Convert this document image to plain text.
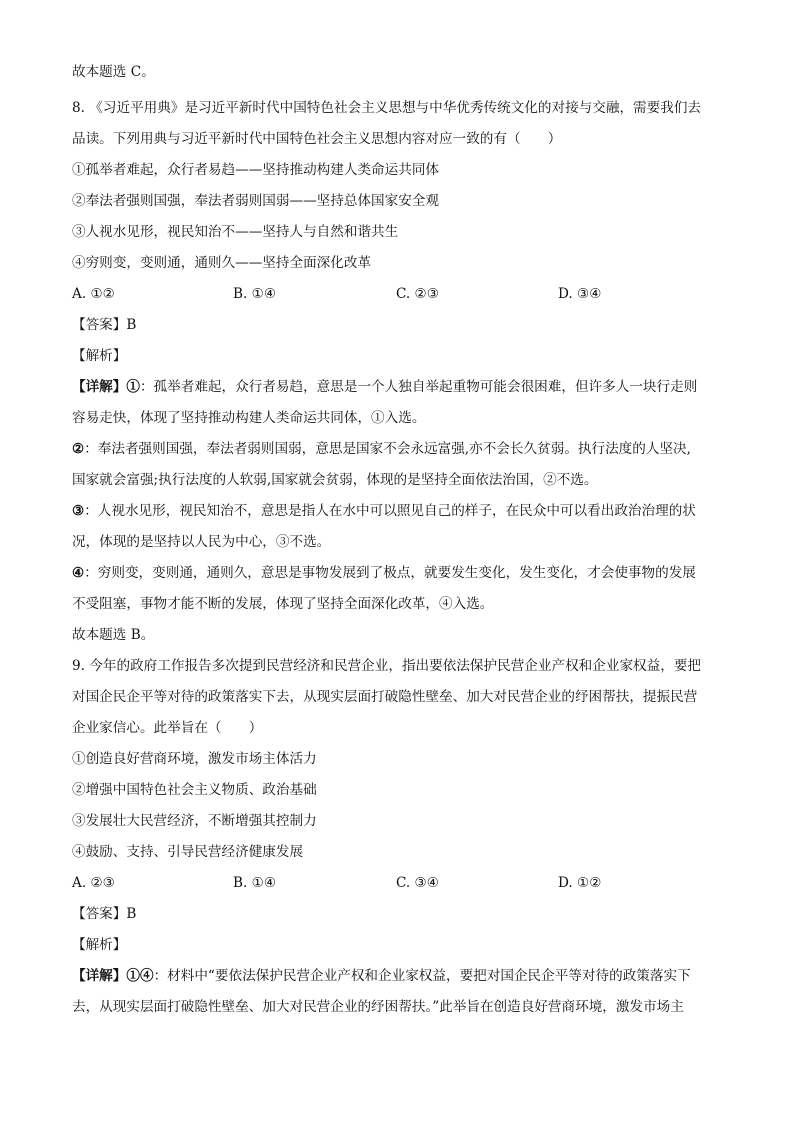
故本题选 C。
8. 《习近平用典》是习近平新时代中国特色社会主义思想与中华优秀传统文化的对接与交融，需要我们去
品读。下列用典与习近平新时代中国特色社会主义思想内容对应一致的有（　　）
①孤举者难起，众行者易趋——坚持推动构建人类命运共同体
②奉法者强则国强，奉法者弱则国弱——坚持总体国家安全观
③人视水见形，视民知治不——坚持人与自然和谐共生
④穷则变，变则通，通则久——坚持全面深化改革
A. ①②	B. ①④	C. ②③	D. ③④
【答案】B
【解析】
【详解】①：孤举者难起，众行者易趋，意思是一个人独自举起重物可能会很困难，但许多人一块行走则
容易走快，体现了坚持推动构建人类命运共同体，①入选。
②：奉法者强则国强，奉法者弱则国弱，意思是国家不会永远富强,亦不会长久贫弱。执行法度的人坚决,
国家就会富强;执行法度的人软弱,国家就会贫弱，体现的是坚持全面依法治国，②不选。
③：人视水见形，视民知治不，意思是指人在水中可以照见自己的样子，在民众中可以看出政治治理的状
况，体现的是坚持以人民为中心，③不选。
④：穷则变，变则通，通则久，意思是事物发展到了极点，就要发生变化，发生变化，才会使事物的发展
不受阻塞，事物才能不断的发展，体现了坚持全面深化改革，④入选。
故本题选 B。
9. 今年的政府工作报告多次提到民营经济和民营企业，指出要依法保护民营企业产权和企业家权益，要把
对国企民企平等对待的政策落实下去，从现实层面打破隐性壁垒、加大对民营企业的纾困帮扶，提振民营
企业家信心。此举旨在（　　）
①创造良好营商环境，激发市场主体活力
②增强中国特色社会主义物质、政治基础
③发展壮大民营经济，不断增强其控制力
④鼓励、支持、引导民营经济健康发展
A. ②③	B. ①④	C. ③④	D. ①②
【答案】B
【解析】
【详解】①④：材料中“要依法保护民营企业产权和企业家权益，要把对国企民企平等对待的政策落实下
去，从现实层面打破隐性壁垒、加大对民营企业的纾困帮扶。”此举旨在创造良好营商环境，激发市场主
